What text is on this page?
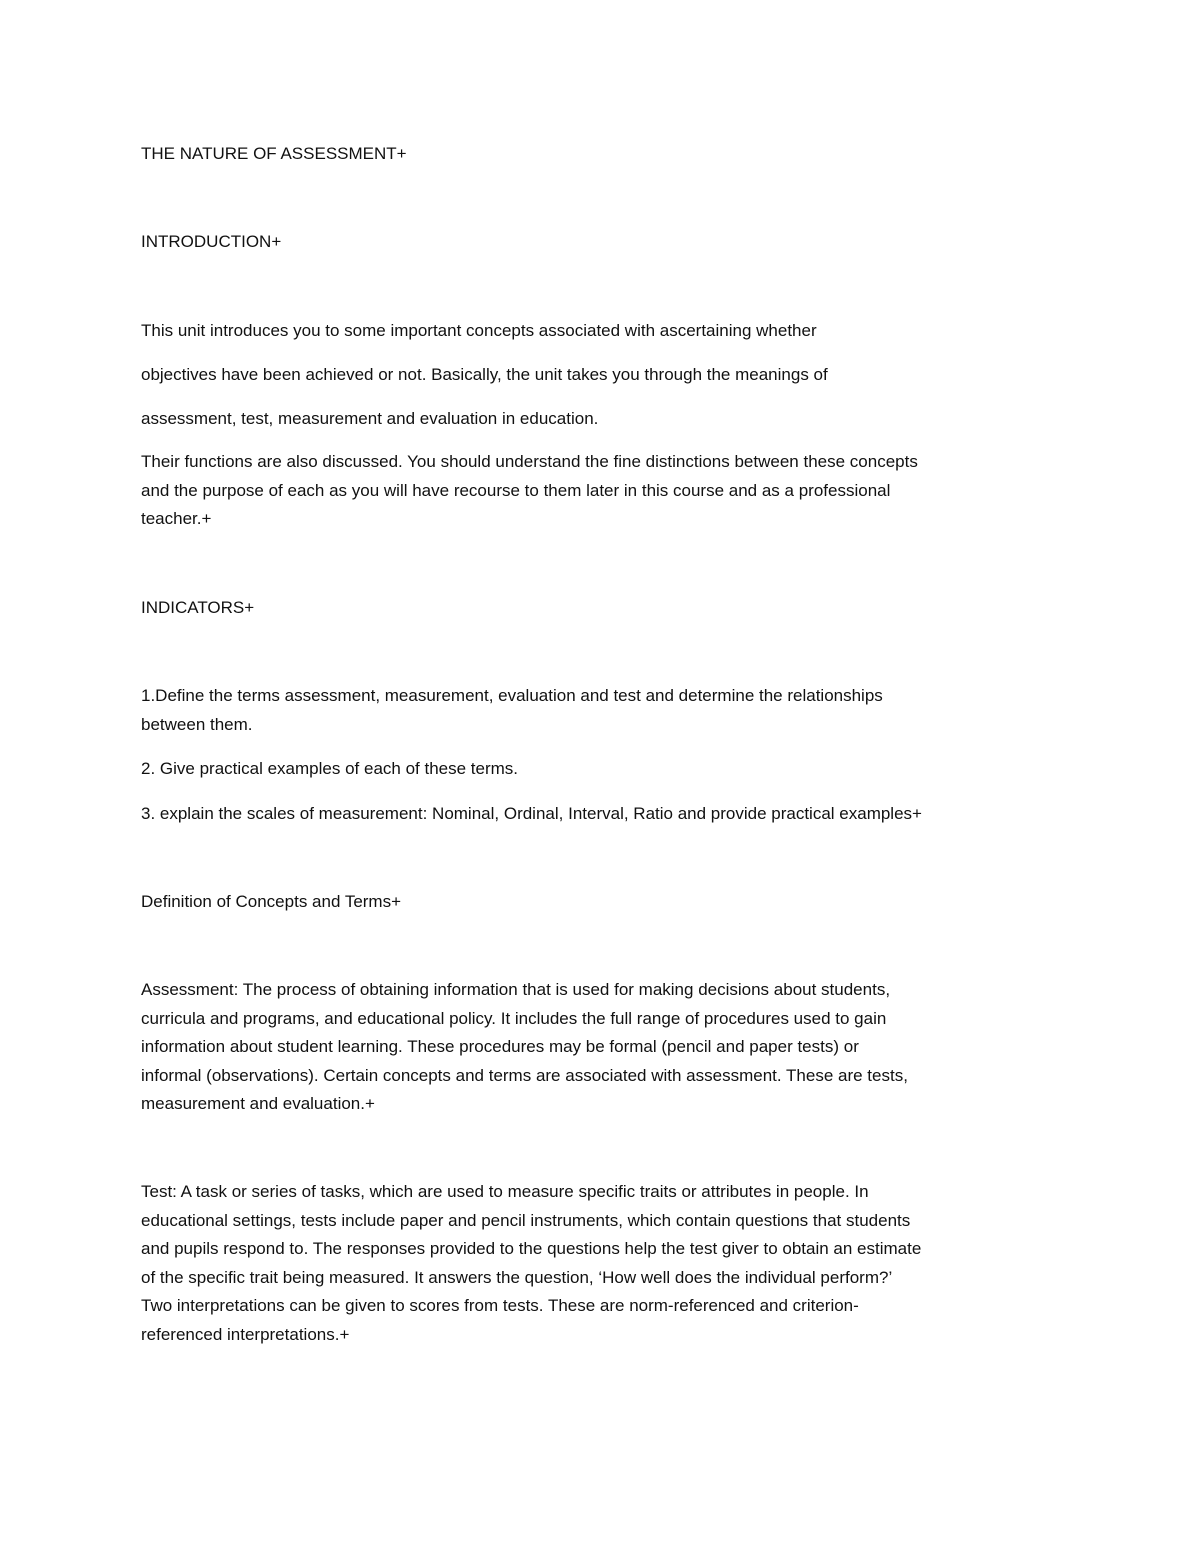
THE NATURE OF ASSESSMENT+

INTRODUCTION+

This unit introduces you to some important concepts associated with ascertaining whether

objectives have been achieved or not. Basically, the unit takes you through the meanings of

assessment, test, measurement and evaluation in education.

Their functions are also discussed. You should understand the fine distinctions between these concepts
and the purpose of each as you will have recourse to them later in this course and as a professional
teacher.+

INDICATORS+

1.Define the terms assessment, measurement, evaluation and test and determine the relationships
between them.

2. Give practical examples of each of these terms.

3. explain the scales of measurement: Nominal, Ordinal, Interval, Ratio and provide practical examples+

Definition of Concepts and Terms+

Assessment: The process of obtaining information that is used for making decisions about students,
curricula and programs, and educational policy. It includes the full range of procedures used to gain
information about student learning. These procedures may be formal (pencil and paper tests) or
informal (observations). Certain concepts and terms are associated with assessment. These are tests,
measurement and evaluation.+
Test: A task or series of tasks, which are used to measure specific traits or attributes in people. In
educational settings, tests include paper and pencil instruments, which contain questions that students
and pupils respond to. The responses provided to the questions help the test giver to obtain an estimate
of the specific trait being measured. It answers the question, ‘How well does the individual perform?’
Two interpretations can be given to scores from tests. These are norm-referenced and criterion-
referenced interpretations.+
